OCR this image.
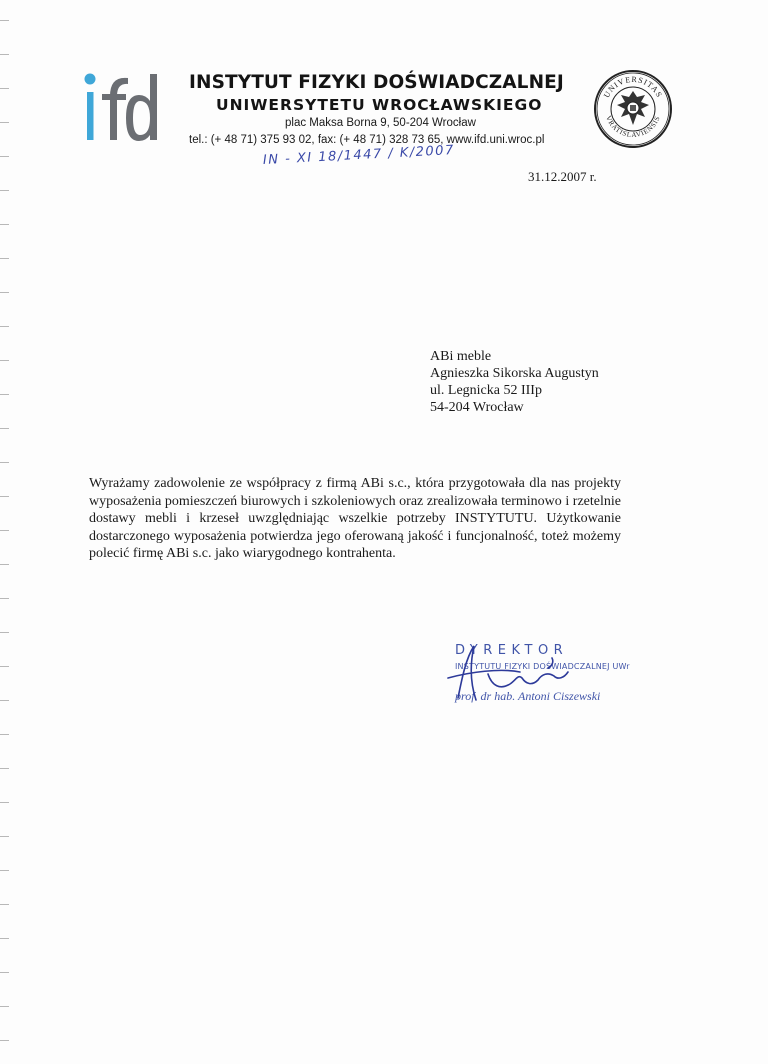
INSTYTUT FIZYKI DOŚWIADCZALNEJ
UNIWERSYTETU WROCŁAWSKIEGO
plac Maksa Borna 9, 50-204 Wrocław
tel.: (+ 48 71) 375 93 02, fax: (+ 48 71) 328 73 65, www.ifd.uni.wroc.pl
UNIVERSITAS
VRATISLAVIENSIS
IN - XI 18/1447 / K/2007
31.12.2007 r.
ABi meble
Agnieszka Sikorska Augustyn
ul. Legnicka 52 IIIp
54-204 Wrocław
Wyrażamy zadowolenie ze współpracy z firmą ABi s.c., która przygotowała dla nas projekty
wyposażenia pomieszczeń biurowych i szkoleniowych oraz zrealizowała terminowo i rzetelnie
dostawy mebli i krzeseł uwzględniając wszelkie potrzeby INSTYTUTU. Użytkowanie
dostarczonego wyposażenia potwierdza jego oferowaną jakość i funcjonalność, toteż możemy
polecić firmę ABi s.c. jako wiarygodnego kontrahenta.
DYREKTOR
INSTYTUTU FIZYKI DOŚWIADCZALNEJ UWr
prof. dr hab. Antoni Ciszewski
